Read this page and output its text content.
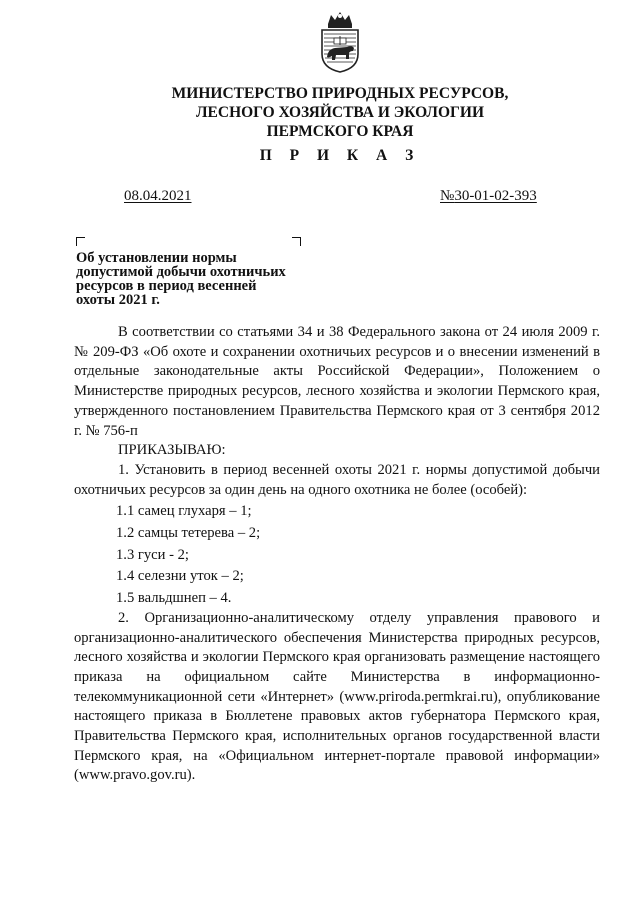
МИНИСТЕРСТВО ПРИРОДНЫХ РЕСУРСОВ,
ЛЕСНОГО ХОЗЯЙСТВА И ЭКОЛОГИИ
ПЕРМСКОГО КРАЯ
П Р И К А З
08.04.2021	№30-01-02-393
Об установлении нормы
допустимой добычи охотничьих
ресурсов в период весенней
охоты 2021 г.

В соответствии со статьями 34 и 38 Федерального закона от 24 июля 2009 г. № 209-ФЗ «Об охоте и сохранении охотничьих ресурсов и о внесении изменений в отдельные законодательные акты Российской Федерации», Положением о Министерстве природных ресурсов, лесного хозяйства и экологии Пермского края, утвержденного постановлением Правительства Пермского края от 3 сентября 2012 г. № 756-п

ПРИКАЗЫВАЮ:

1. Установить в период весенней охоты 2021 г. нормы допустимой добычи охотничьих ресурсов за один день на одного охотника не более (особей):

1.1 самец глухаря – 1;

1.2 самцы тетерева – 2;

1.3 гуси - 2;

1.4 селезни уток – 2;

1.5 вальдшнеп – 4.

2. Организационно-аналитическому отделу управления правового и организационно-аналитического обеспечения Министерства природных ресурсов, лесного хозяйства и экологии Пермского края организовать размещение настоящего приказа на официальном сайте Министерства в информационно-телекоммуникационной сети «Интернет» (www.priroda.permkrai.ru), опубликование настоящего приказа в Бюллетене правовых актов губернатора Пермского края, Правительства Пермского края, исполнительных органов государственной власти Пермского края, на «Официальном интернет-портале правовой информации» (www.pravo.gov.ru).
